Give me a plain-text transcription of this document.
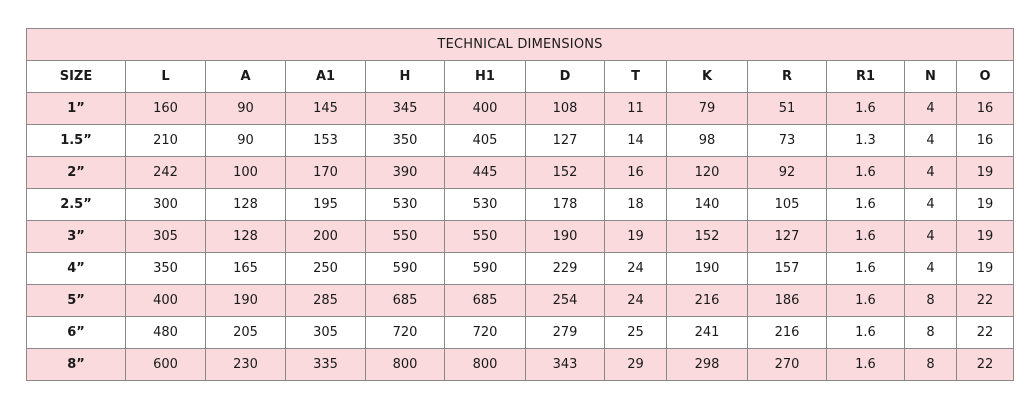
TECHNICAL DIMENSIONS												
SIZE	L	A	A1	H	H1	D	T	K	R	R1	N	O
1”	160	90	145	345	400	108	11	79	51	1.6	4	16
1.5”	210	90	153	350	405	127	14	98	73	1.3	4	16
2”	242	100	170	390	445	152	16	120	92	1.6	4	19
2.5”	300	128	195	530	530	178	18	140	105	1.6	4	19
3”	305	128	200	550	550	190	19	152	127	1.6	4	19
4”	350	165	250	590	590	229	24	190	157	1.6	4	19
5”	400	190	285	685	685	254	24	216	186	1.6	8	22
6”	480	205	305	720	720	279	25	241	216	1.6	8	22
8”	600	230	335	800	800	343	29	298	270	1.6	8	22
